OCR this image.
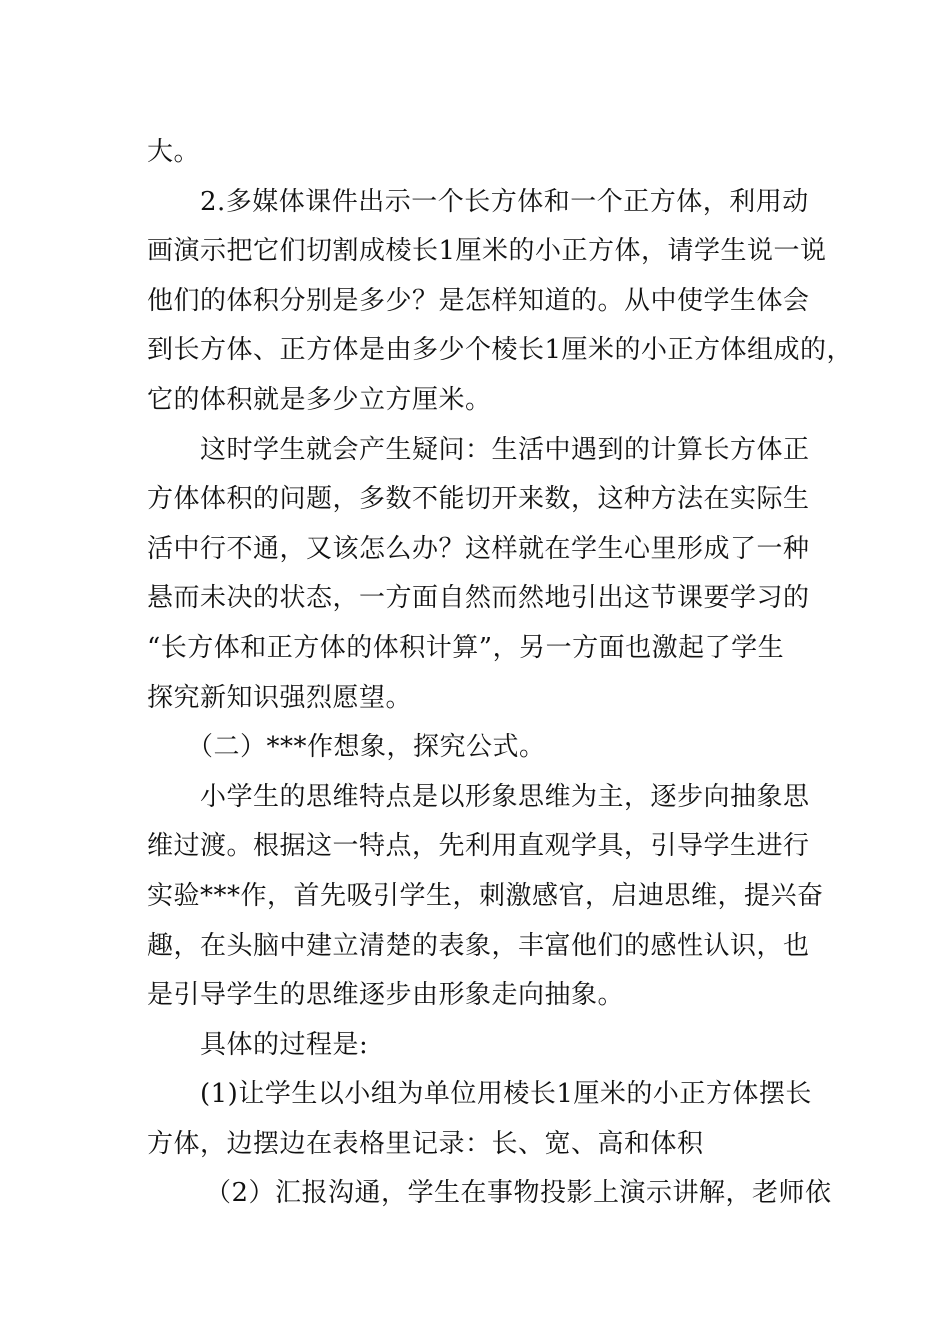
大。
2.多媒体课件出示一个长方体和一个正方体，利用动
画演示把它们切割成棱长1厘米的小正方体，请学生说一说
他们的体积分别是多少？是怎样知道的。从中使学生体会
到长方体、正方体是由多少个棱长1厘米的小正方体组成的，
它的体积就是多少立方厘米。
这时学生就会产生疑问：生活中遇到的计算长方体正
方体体积的问题，多数不能切开来数，这种方法在实际生
活中行不通，又该怎么办？这样就在学生心里形成了一种
悬而未决的状态，一方面自然而然地引出这节课要学习的
“长方体和正方体的体积计算”，另一方面也激起了学生
探究新知识强烈愿望。
（二）***作想象，探究公式。
小学生的思维特点是以形象思维为主，逐步向抽象思
维过渡。根据这一特点，先利用直观学具，引导学生进行
实验***作，首先吸引学生，刺激感官，启迪思维，提兴奋
趣，在头脑中建立清楚的表象，丰富他们的感性认识，也
是引导学生的思维逐步由形象走向抽象。
具体的过程是:
(1)让学生以小组为单位用棱长1厘米的小正方体摆长
方体，边摆边在表格里记录：长、宽、高和体积
（2）汇报沟通，学生在事物投影上演示讲解，老师依
